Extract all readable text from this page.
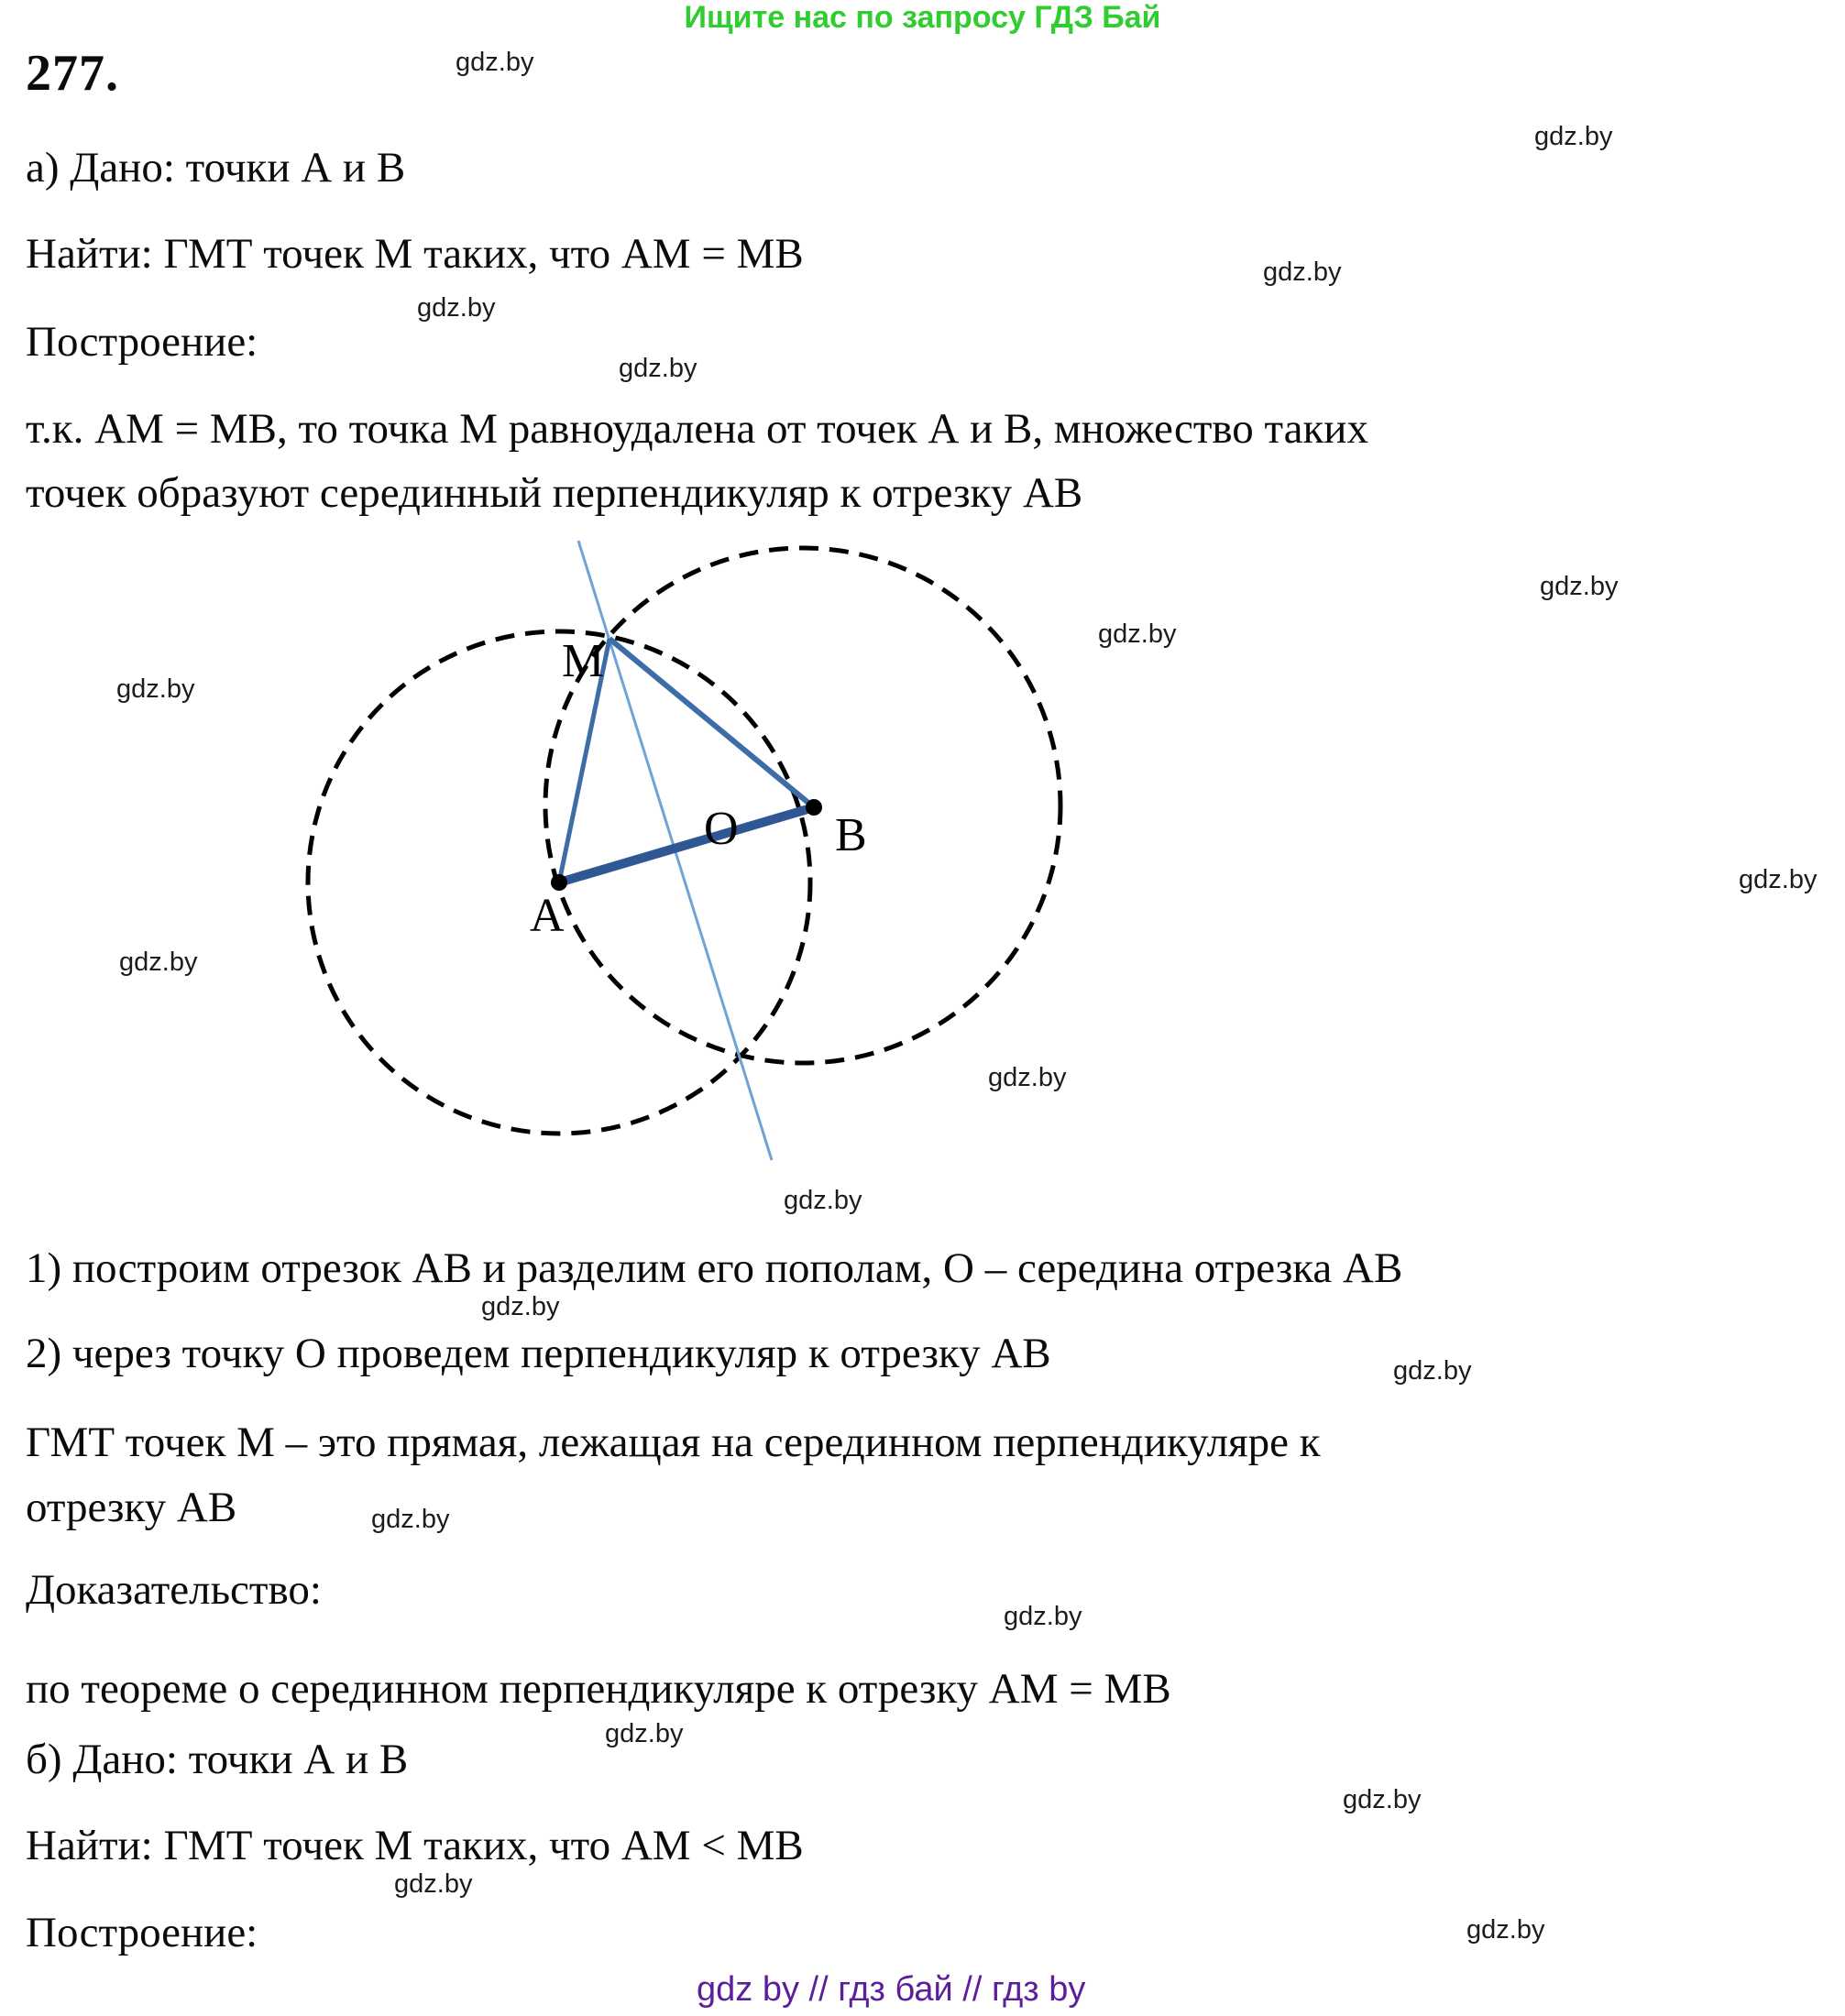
М
О В
А
Ищите нас по запросу ГДЗ Бай
277.
а) Дано: точки А и В
Найти: ГМТ точек М таких, что АМ = МВ
Построение:
т.к. АМ = МВ, то точка М равноудалена от точек А и В, множество таких
точек образуют серединный перпендикуляр к отрезку АВ
1) построим отрезок АВ и разделим его пополам, О – середина отрезка АВ
2) через точку О проведем перпендикуляр к отрезку АВ
ГМТ точек М – это прямая, лежащая на серединном перпендикуляре к
отрезку АВ
Доказательство:
по теореме о серединном перпендикуляре к отрезку АМ = МВ
б) Дано: точки А и В
Найти: ГМТ точек М таких, что АМ < МВ
Построение:
gdz.by
gdz.by
gdz.by
gdz.by
gdz.by
gdz.by
gdz.by
gdz.by
gdz.by
gdz.by
gdz.by
gdz.by
gdz.by
gdz.by
gdz.by
gdz.by
gdz.by
gdz.by
gdz.by
gdz.by
gdz by // гдз бай // гдз by
